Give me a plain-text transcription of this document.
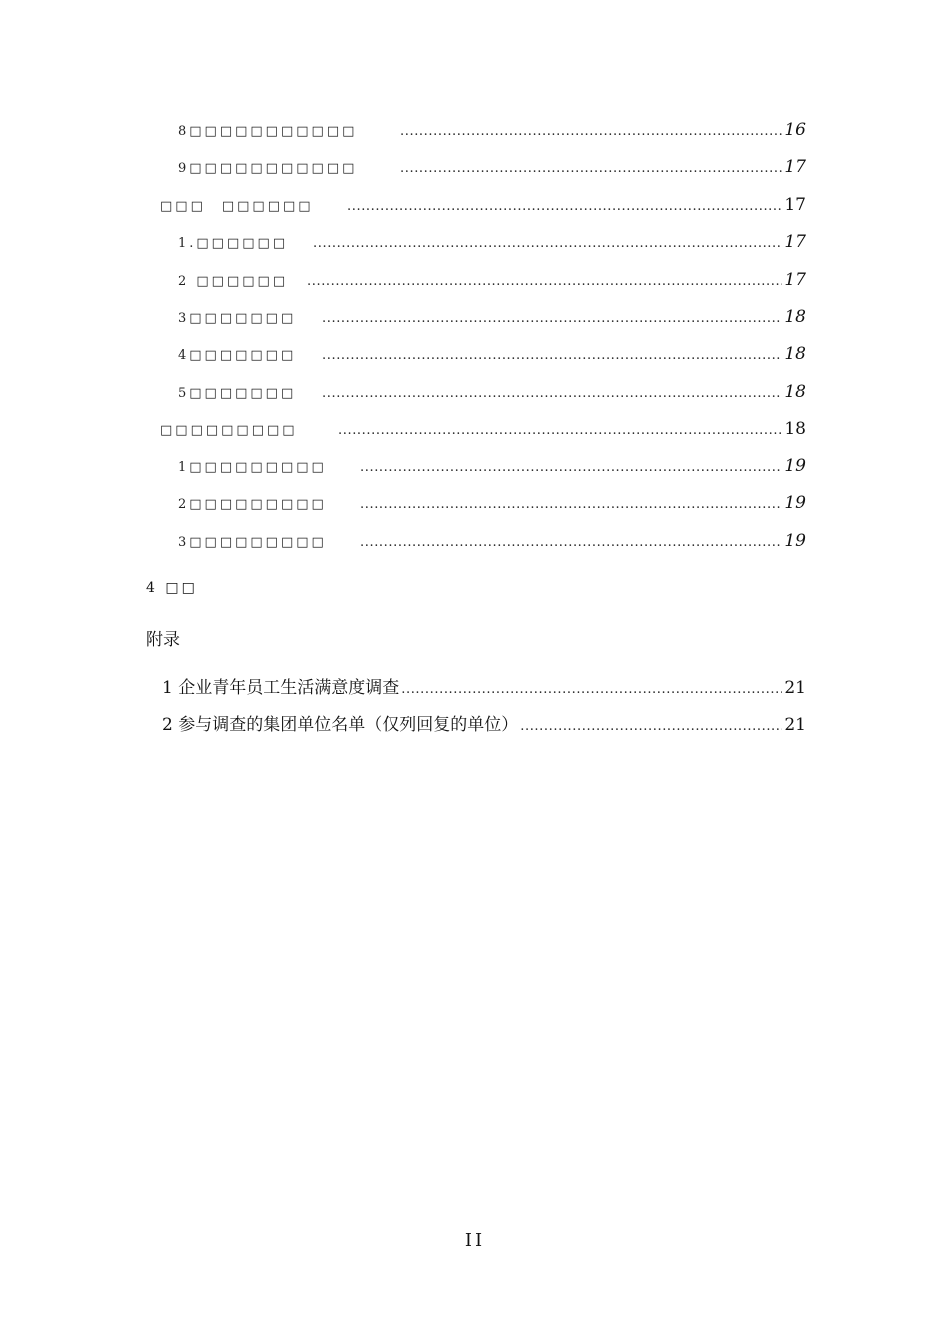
8□□□□□□□□□□□ .....	16
9□□□□□□□□□□□ .....	17
□□□　□□□□□□ .....	17
1.□□□□□□ .....	17
2 □□□□□□ .....	17
3□□□□□□□ .....	18
4□□□□□□□ .....	18
5□□□□□□□ .....	18
□□□□□□□□□ .....	18
1□□□□□□□□□ .....	19
2□□□□□□□□□ .....	19
3□□□□□□□□□ .....	19
4 □□
附录
1 企业青年员工生活满意度调查 .....	21
2 参与调查的集团单位名单（仅列回复的单位） .....	21
II
